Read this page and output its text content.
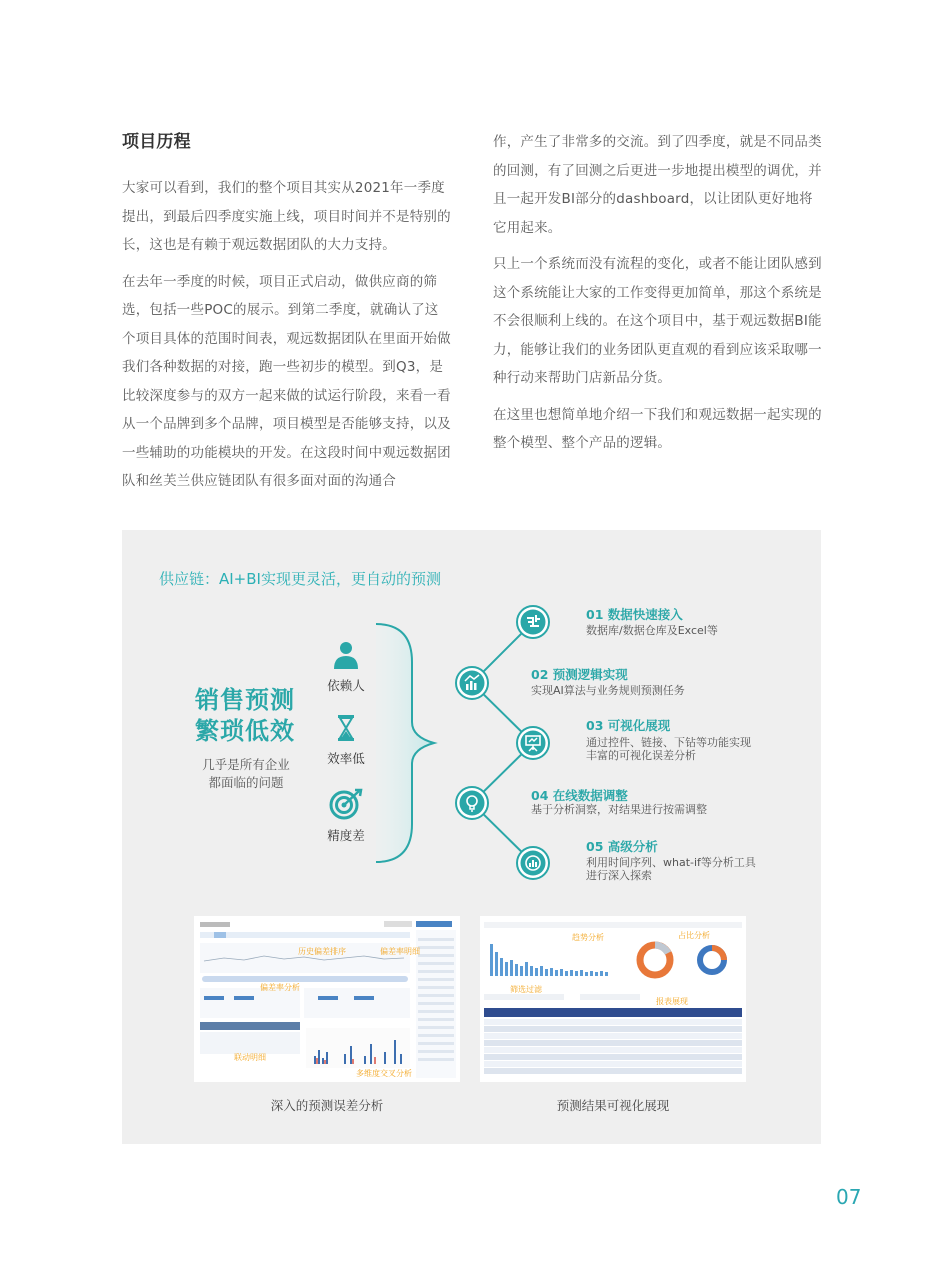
项目历程

大家可以看到，我们的整个项目其实从2021年一季度提出，到最后四季度实施上线，项目时间并不是特别的长，这也是有赖于观远数据团队的大力支持。

在去年一季度的时候，项目正式启动，做供应商的筛选，包括一些POC的展示。到第二季度，就确认了这个项目具体的范围时间表，观远数据团队在里面开始做我们各种数据的对接，跑一些初步的模型。到Q3，是比较深度参与的双方一起来做的试运行阶段，来看一看从一个品牌到多个品牌，项目模型是否能够支持，以及一些辅助的功能模块的开发。在这段时间中观远数据团队和丝芙兰供应链团队有很多面对面的沟通合

作，产生了非常多的交流。到了四季度，就是不同品类的回测，有了回测之后更进一步地提出模型的调优，并且一起开发BI部分的dashboard，以让团队更好地将它用起来。

只上一个系统而没有流程的变化，或者不能让团队感到这个系统能让大家的工作变得更加简单，那这个系统是不会很顺利上线的。在这个项目中，基于观远数据BI能力，能够让我们的业务团队更直观的看到应该采取哪一种行动来帮助门店新品分货。

在这里也想简单地介绍一下我们和观远数据一起实现的整个模型、整个产品的逻辑。

供应链：AI+BI实现更灵活，更自动的预测
销售预测
繁琐低效
几乎是所有企业
都面临的问题
依赖人
效率低
精度差
01 数据快速接入
数据库/数据仓库及Excel等
02 预测逻辑实现
实现AI算法与业务规则预测任务
03 可视化展现
通过控件、链接、下钻等功能实现丰富的可视化误差分析
04 在线数据调整
基于分析洞察，对结果进行按需调整
05 高级分析
利用时间序列、what-if等分析工具进行深入探索
历史偏差排序	偏差率明细
偏差率分析
联动明细
多维度交叉分析
深入的预测误差分析
趋势分析	占比分析
筛选过滤
报表展现
预测结果可视化展现
07
